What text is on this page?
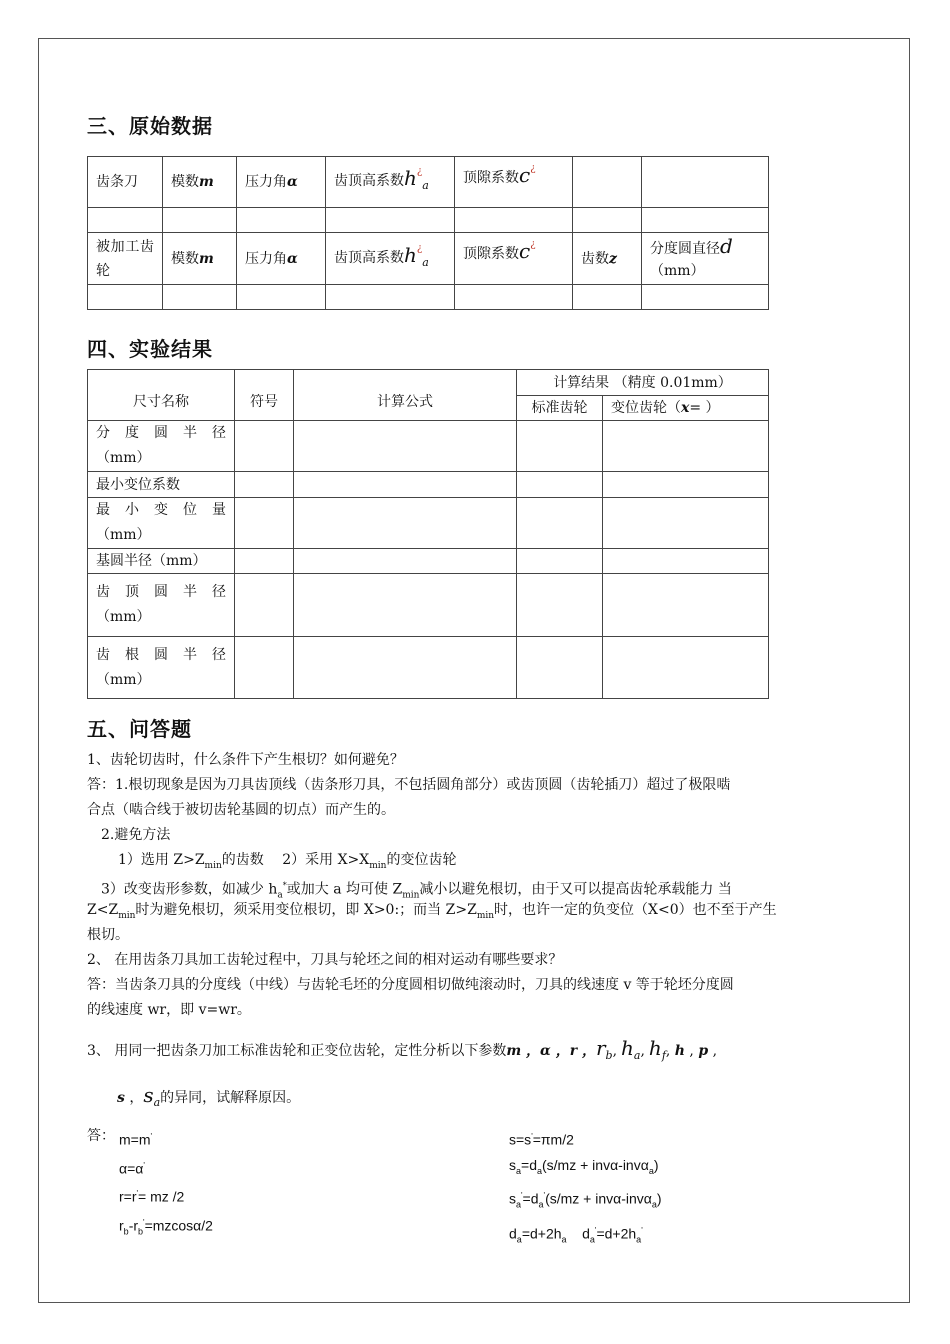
三、原始数据
齿条刀	模数m	压力角α	齿顶高系数$h^¿_a$	顶隙系数c¿		

被加工齿轮	模数m	压力角α	齿顶高系数$h^¿_a$	顶隙系数c¿	齿数z	分度圆直径d
（mm）

四、实验结果
尺寸名称	符号	计算公式	计算结果 （精度 0.01mm）	
			标准齿轮	变位齿轮（x= ）

分度圆半径
（mm）				

最小变位系数				

最小变位量
（mm）				

基圆半径（mm）				

齿顶圆半径
（mm）				

齿根圆半径
（mm）				

五、问答题
1、齿轮切齿时，什么条件下产生根切？如何避免？
答：1.根切现象是因为刀具齿顶线（齿条形刀具，不包括圆角部分）或齿顶圆（齿轮插刀）超过了极限啮
合点（啮合线于被切齿轮基圆的切点）而产生的。
2.避免方法
1）选用 $Z>Z_{min}$的齿数　 2）采用 $X>X_{min}$的变位齿轮
3）改变齿形参数，如减少 $h_a^*$或加大 a 均可使 $Z_{min}$减小以避免根切，由于又可以提高齿轮承载能力 当
$Z<Z_{min}$时为避免根切，须采用变位根切，即 X>0:；而当 $Z>Z_{min}$时，也许一定的负变位（X<0）也不至于产生
根切。
2、 在用齿条刀具加工齿轮过程中，刀具与轮坯之间的相对运动有哪些要求？
答：当齿条刀具的分度线（中线）与齿轮毛坯的分度圆相切做纯滚动时，刀具的线速度 v 等于轮坯分度圆
的线速度 wr，即 v=wr。
3、 用同一把齿条刀加工标准齿轮和正变位齿轮，定性分析以下参数m ，α ，r ，$r_b$, $h_a$, $h_f$, h , p ,
s ，$s_a$的异同，试解释原因。
答： m=m'
α=α'
r=r'= mz /2
$r_b-r_b'=mzcos\alpha/2$
s=s'=πm/2
$s_a=d_a(s/mz + inv\alpha-inv\alpha_a)$
$s_a'=d_a'(s/mz + inv\alpha-inv\alpha_a)$
$d_a=d+2h_a$    $d_a'=d+2h_a'$
